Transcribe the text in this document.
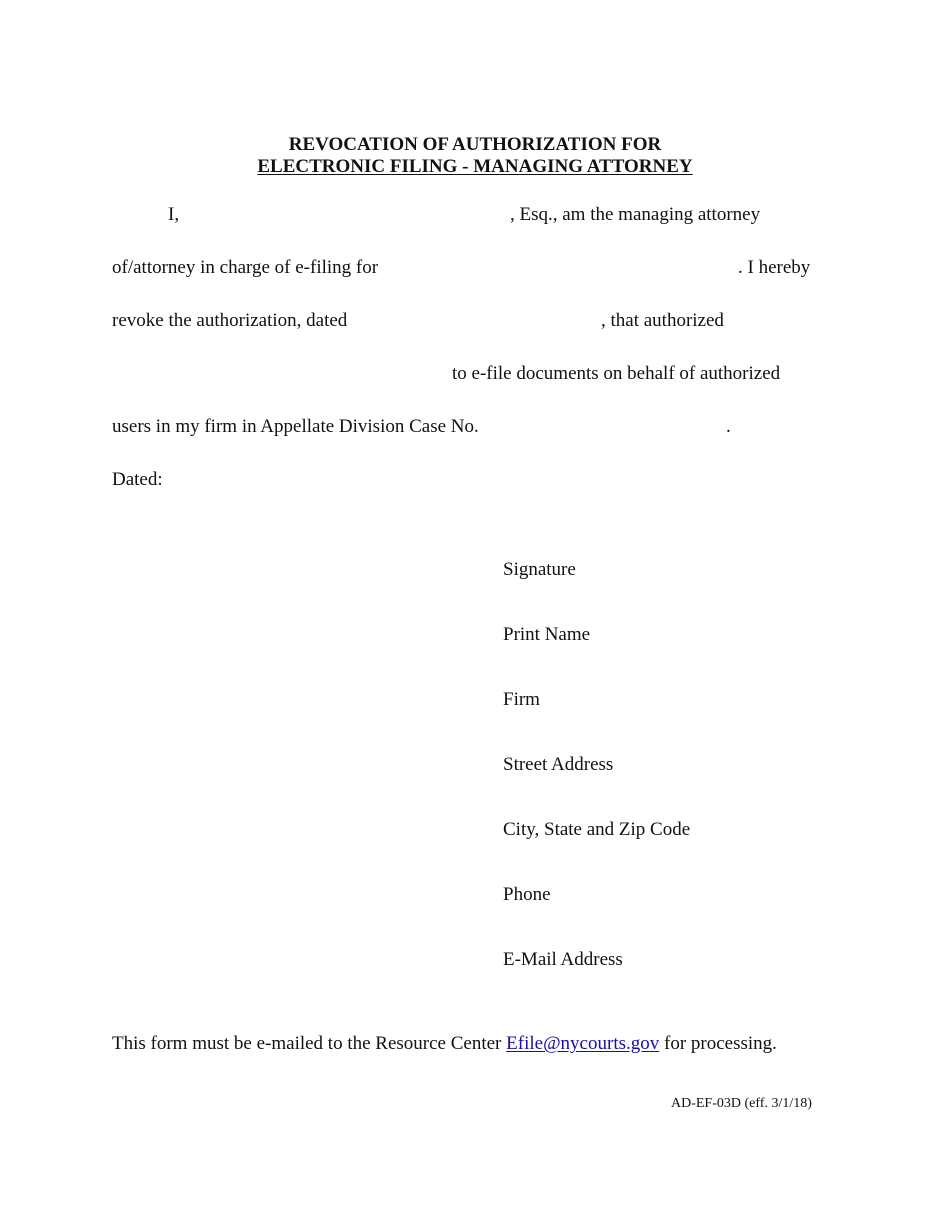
REVOCATION OF AUTHORIZATION FOR
ELECTRONIC FILING - MANAGING ATTORNEY
I,	, Esq., am the managing attorney
of/attorney in charge of e-filing for	. I hereby
revoke the authorization, dated	, that authorized
to e-file documents on behalf of authorized
users in my firm in Appellate Division Case No.	.
Dated:
Signature
Print Name
Firm
Street Address
City, State and Zip Code
Phone
E-Mail Address
This form must be e-mailed to the Resource Center Efile@nycourts.gov for processing.
AD-EF-03D (eff. 3/1/18)
